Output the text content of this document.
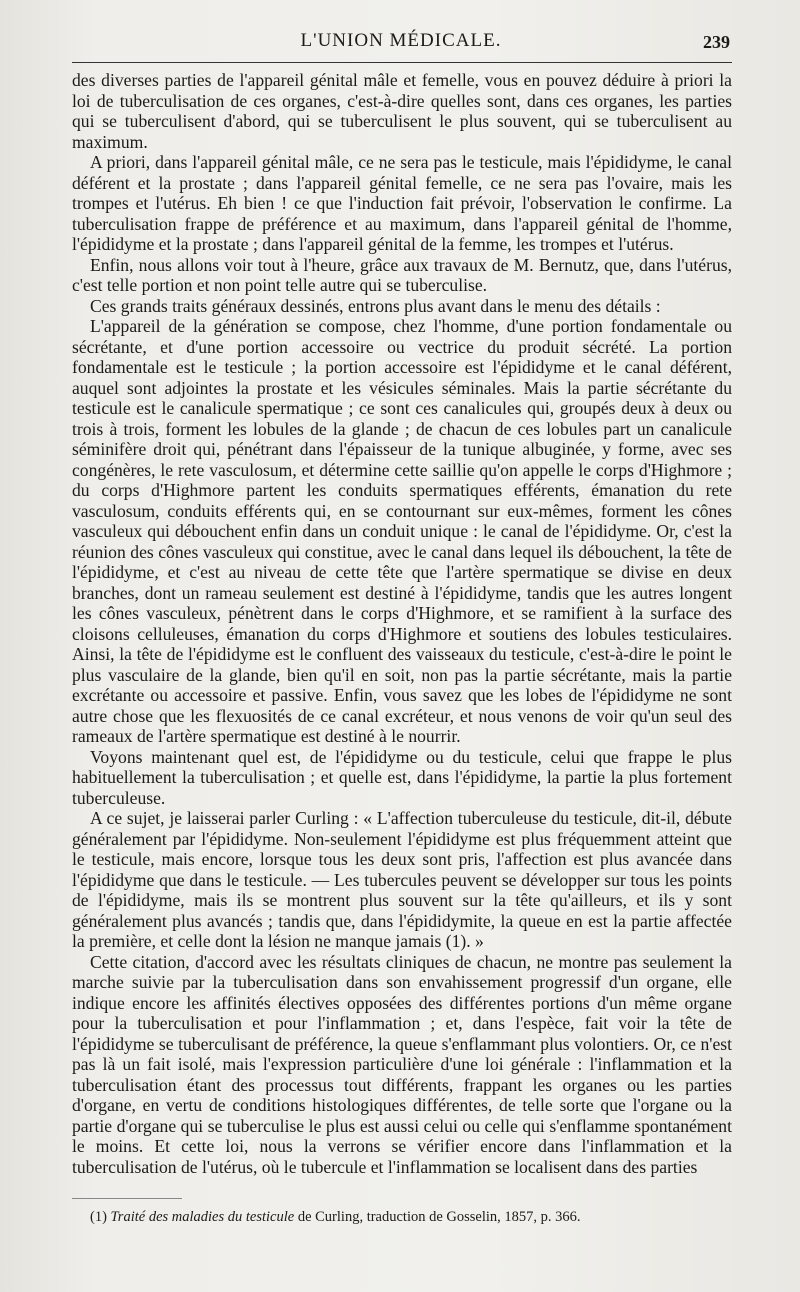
L'UNION MÉDICALE.	239

des diverses parties de l'appareil génital mâle et femelle, vous en pouvez déduire à priori la loi de tuberculisation de ces organes, c'est-à-dire quelles sont, dans ces organes, les parties qui se tuberculisent d'abord, qui se tuberculisent le plus souvent, qui se tuberculisent au maximum.

A priori, dans l'appareil génital mâle, ce ne sera pas le testicule, mais l'épididyme, le canal déférent et la prostate ; dans l'appareil génital femelle, ce ne sera pas l'ovaire, mais les trompes et l'utérus. Eh bien ! ce que l'induction fait prévoir, l'observation le confirme. La tuberculisation frappe de préférence et au maximum, dans l'appareil génital de l'homme, l'épididyme et la prostate ; dans l'appareil génital de la femme, les trompes et l'utérus.

Enfin, nous allons voir tout à l'heure, grâce aux travaux de M. Bernutz, que, dans l'utérus, c'est telle portion et non point telle autre qui se tuberculise.

Ces grands traits généraux dessinés, entrons plus avant dans le menu des détails :

L'appareil de la génération se compose, chez l'homme, d'une portion fondamentale ou sécrétante, et d'une portion accessoire ou vectrice du produit sécrété. La portion fondamentale est le testicule ; la portion accessoire est l'épididyme et le canal déférent, auquel sont adjointes la prostate et les vésicules séminales. Mais la partie sécrétante du testicule est le canalicule spermatique ; ce sont ces canalicules qui, groupés deux à deux ou trois à trois, forment les lobules de la glande ; de chacun de ces lobules part un canalicule séminifère droit qui, pénétrant dans l'épaisseur de la tunique albuginée, y forme, avec ses congénères, le rete vasculosum, et détermine cette saillie qu'on appelle le corps d'Highmore ; du corps d'Highmore partent les conduits spermatiques efférents, émanation du rete vasculosum, conduits efférents qui, en se contournant sur eux-mêmes, forment les cônes vasculeux qui débouchent enfin dans un conduit unique : le canal de l'épididyme. Or, c'est la réunion des cônes vasculeux qui constitue, avec le canal dans lequel ils débouchent, la tête de l'épididyme, et c'est au niveau de cette tête que l'artère spermatique se divise en deux branches, dont un rameau seulement est destiné à l'épididyme, tandis que les autres longent les cônes vasculeux, pénètrent dans le corps d'Highmore, et se ramifient à la surface des cloisons celluleuses, émanation du corps d'Highmore et soutiens des lobules testiculaires. Ainsi, la tête de l'épididyme est le confluent des vaisseaux du testicule, c'est-à-dire le point le plus vasculaire de la glande, bien qu'il en soit, non pas la partie sécrétante, mais la partie excrétante ou accessoire et passive. Enfin, vous savez que les lobes de l'épididyme ne sont autre chose que les flexuosités de ce canal excréteur, et nous venons de voir qu'un seul des rameaux de l'artère spermatique est destiné à le nourrir.

Voyons maintenant quel est, de l'épididyme ou du testicule, celui que frappe le plus habituellement la tuberculisation ; et quelle est, dans l'épididyme, la partie la plus fortement tuberculeuse.

A ce sujet, je laisserai parler Curling : « L'affection tuberculeuse du testicule, dit-il, débute généralement par l'épididyme. Non-seulement l'épididyme est plus fréquemment atteint que le testicule, mais encore, lorsque tous les deux sont pris, l'affection est plus avancée dans l'épididyme que dans le testicule. — Les tubercules peuvent se développer sur tous les points de l'épididyme, mais ils se montrent plus souvent sur la tête qu'ailleurs, et ils y sont généralement plus avancés ; tandis que, dans l'épididymite, la queue en est la partie affectée la première, et celle dont la lésion ne manque jamais (1). »

Cette citation, d'accord avec les résultats cliniques de chacun, ne montre pas seulement la marche suivie par la tuberculisation dans son envahissement progressif d'un organe, elle indique encore les affinités électives opposées des différentes portions d'un même organe pour la tuberculisation et pour l'inflammation ; et, dans l'espèce, fait voir la tête de l'épididyme se tuberculisant de préférence, la queue s'enflammant plus volontiers. Or, ce n'est pas là un fait isolé, mais l'expression particulière d'une loi générale : l'inflammation et la tuberculisation étant des processus tout différents, frappant les organes ou les parties d'organe, en vertu de conditions histologiques différentes, de telle sorte que l'organe ou la partie d'organe qui se tuberculise le plus est aussi celui ou celle qui s'enflamme spontanément le moins. Et cette loi, nous la verrons se vérifier encore dans l'inflammation et la tuberculisation de l'utérus, où le tubercule et l'inflammation se localisent dans des parties

(1) Traité des maladies du testicule de Curling, traduction de Gosselin, 1857, p. 366.
